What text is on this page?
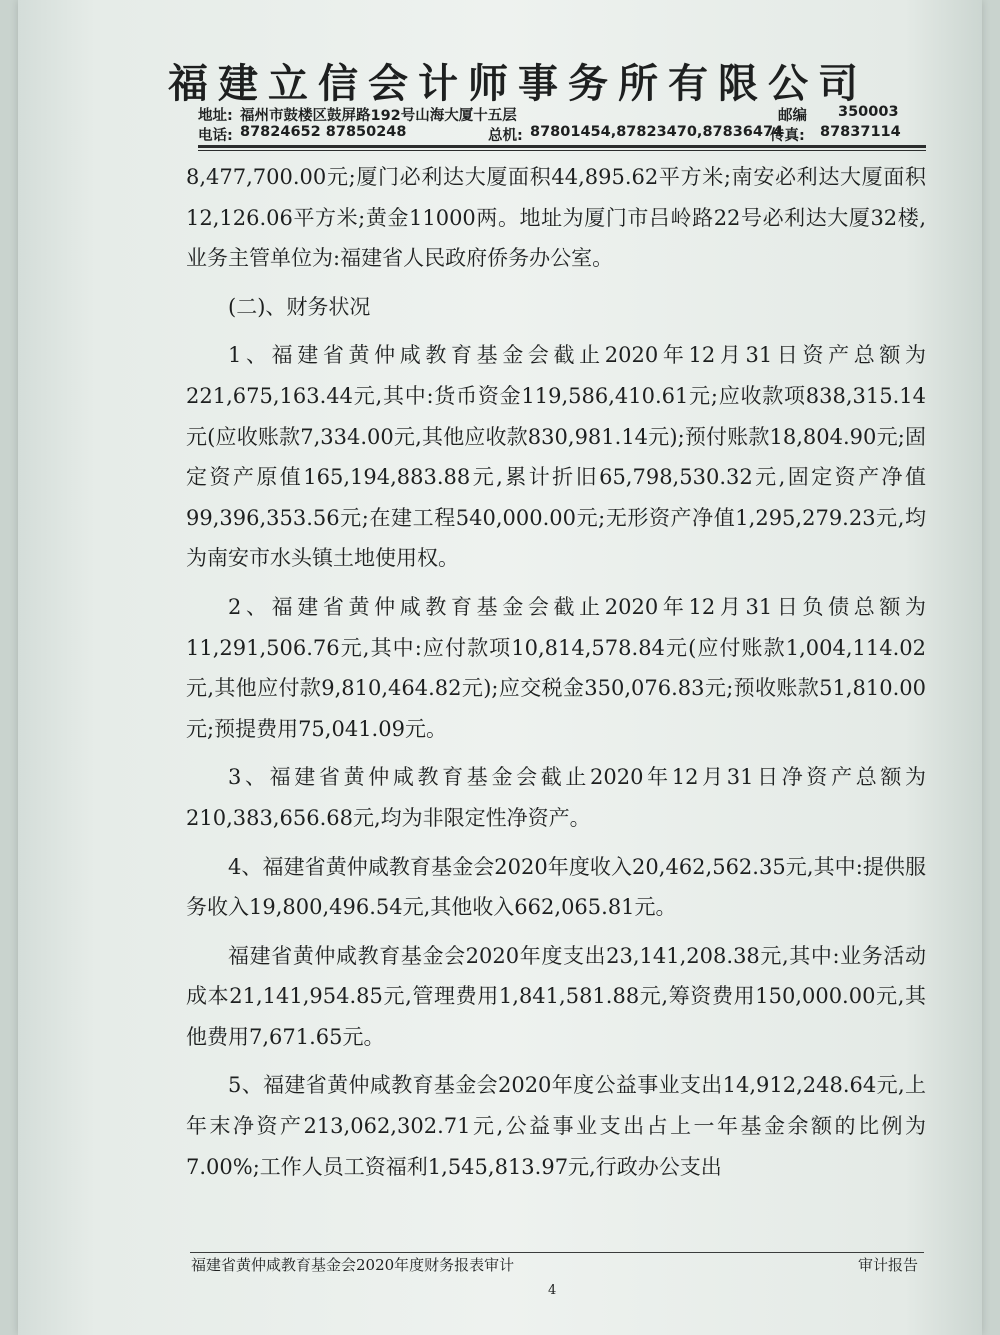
福建立信会计师事务所有限公司
地址: 福州市鼓楼区鼓屏路192号山海大厦十五层	邮编 350003
电话: 87824652 87850248	总机: 87801454,87823470,87836474
传真: 87837114

8,477,700.00元;厦门必利达大厦面积44,895.62平方米;南安必利达大厦面积12,126.06平方米;黄金11000两。地址为厦门市吕岭路22号必利达大厦32楼,业务主管单位为:福建省人民政府侨务办公室。

(二)、财务状况

1、福建省黄仲咸教育基金会截止2020年12月31日资产总额为221,675,163.44元,其中:货币资金119,586,410.61元;应收款项838,315.14元(应收账款7,334.00元,其他应收款830,981.14元);预付账款18,804.90元;固定资产原值165,194,883.88元,累计折旧65,798,530.32元,固定资产净值99,396,353.56元;在建工程540,000.00元;无形资产净值1,295,279.23元,均为南安市水头镇土地使用权。

2、福建省黄仲咸教育基金会截止2020年12月31日负债总额为11,291,506.76元,其中:应付款项10,814,578.84元(应付账款1,004,114.02元,其他应付款9,810,464.82元);应交税金350,076.83元;预收账款51,810.00元;预提费用75,041.09元。

3、福建省黄仲咸教育基金会截止2020年12月31日净资产总额为210,383,656.68元,均为非限定性净资产。

4、福建省黄仲咸教育基金会2020年度收入20,462,562.35元,其中:提供服务收入19,800,496.54元,其他收入662,065.81元。

福建省黄仲咸教育基金会2020年度支出23,141,208.38元,其中:业务活动成本21,141,954.85元,管理费用1,841,581.88元,筹资费用150,000.00元,其他费用7,671.65元。

5、福建省黄仲咸教育基金会2020年度公益事业支出14,912,248.64元,上年末净资产213,062,302.71元,公益事业支出占上一年基金余额的比例为7.00%;工作人员工资福利1,545,813.97元,行政办公支出

福建省黄仲咸教育基金会2020年度财务报表审计	审计报告
4
